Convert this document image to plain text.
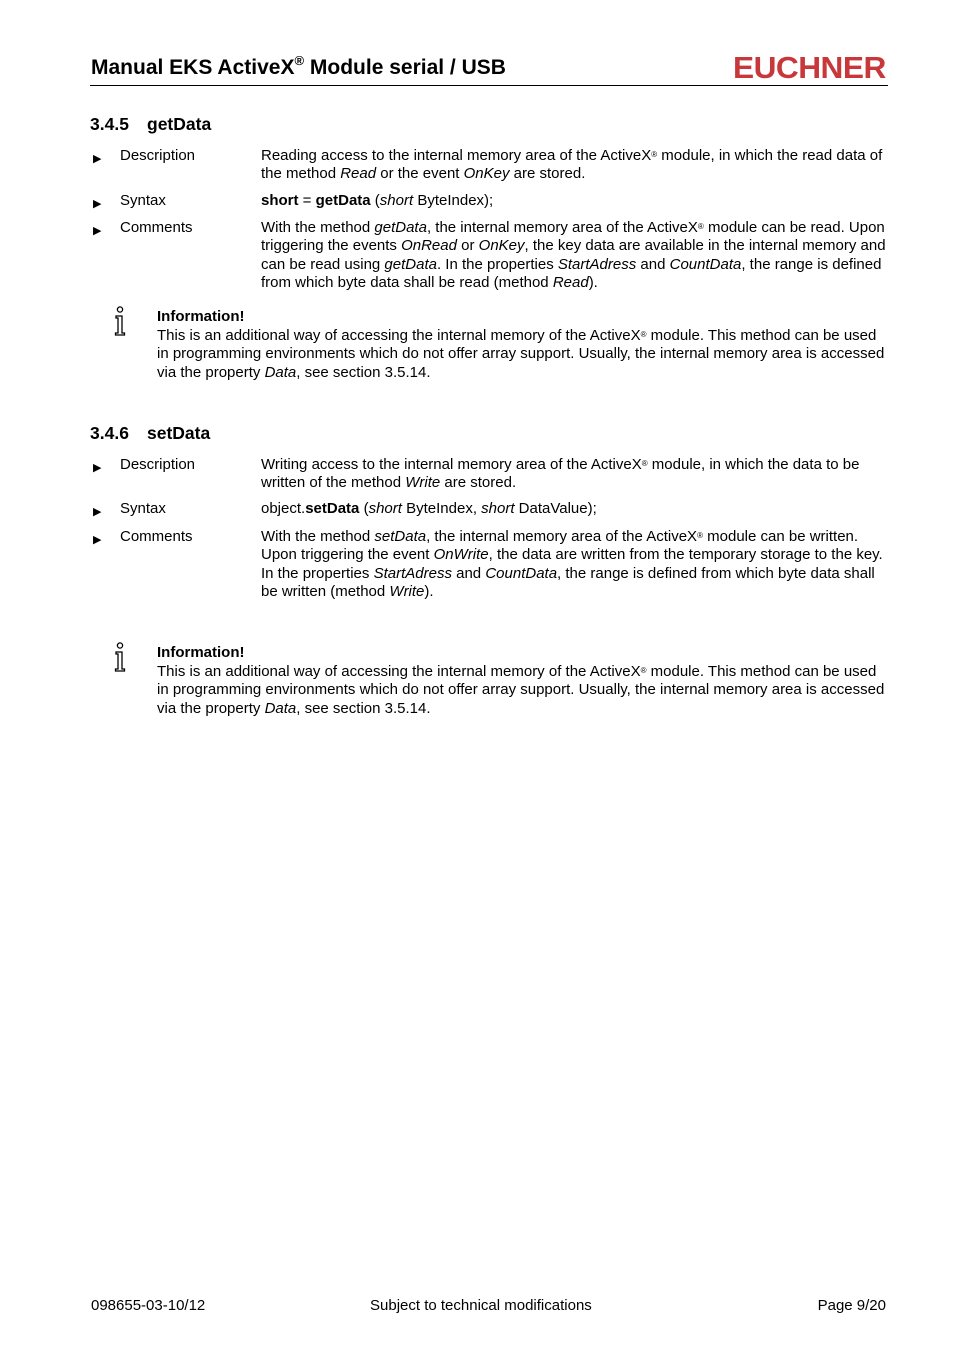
Manual EKS ActiveX® Module serial / USB	EUCHNER
3.4.5 getData
▶ Description	Reading access to the internal memory area of the ActiveX® module, in which the read data of the method Read or the event OnKey are stored.
▶ Syntax	short = getData (short ByteIndex);
▶ Comments	With the method getData, the internal memory area of the ActiveX® module can be read. Upon triggering the events OnRead or OnKey, the key data are available in the internal memory and can be read using getData. In the properties StartAdress and CountData, the range is defined from which byte data shall be read (method Read).
Information!
This is an additional way of accessing the internal memory of the ActiveX® module. This method can be used in programming environments which do not offer array support. Usually, the internal memory area is accessed via the property Data, see section 3.5.14.
3.4.6 setData
▶ Description	Writing access to the internal memory area of the ActiveX® module, in which the data to be written of the method Write are stored.
▶ Syntax	object.setData (short ByteIndex, short DataValue);
▶ Comments	With the method setData, the internal memory area of the ActiveX® module can be written. Upon triggering the event OnWrite, the data are written from the temporary storage to the key. In the properties StartAdress and CountData, the range is defined from which byte data shall be written (method Write).
Information!
This is an additional way of accessing the internal memory of the ActiveX® module. This method can be used in programming environments which do not offer array support. Usually, the internal memory area is accessed via the property Data, see section 3.5.14.
098655-03-10/12	Subject to technical modifications	Page 9/20
